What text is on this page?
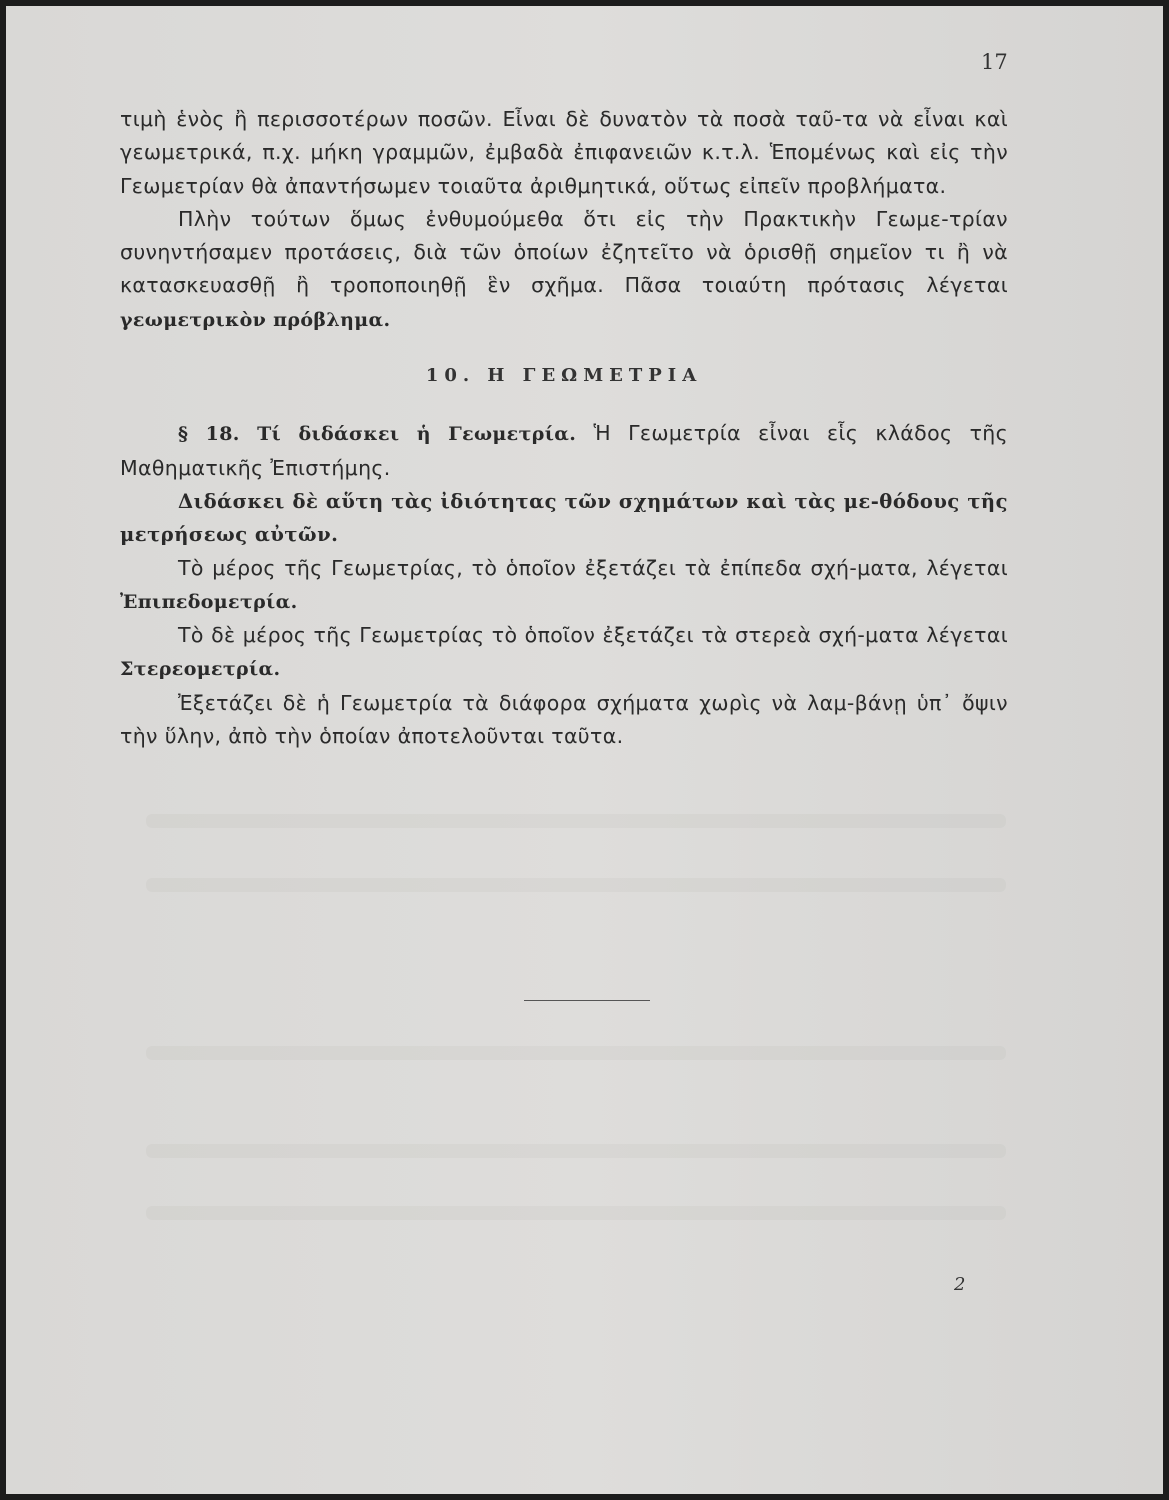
17

τιμὴ ἑνὸς ἢ περισσοτέρων ποσῶν. Εἶναι δὲ δυνατὸν τὰ ποσὰ ταῦ-τα νὰ εἶναι καὶ γεωμετρικά, π.χ. μήκη γραμμῶν, ἐμβαδὰ ἐπιφανειῶν κ.τ.λ. Ἑπομένως καὶ εἰς τὴν Γεωμετρίαν θὰ ἀπαντήσωμεν τοιαῦτα ἀριθμητικά, οὕτως εἰπεῖν προβλήματα.

Πλὴν τούτων ὅμως ἐνθυμούμεθα ὅτι εἰς τὴν Πρακτικὴν Γεωμε-τρίαν συνηντήσαμεν προτάσεις, διὰ τῶν ὁποίων ἐζητεῖτο νὰ ὁρισθῇ σημεῖον τι ἢ νὰ κατασκευασθῇ ἢ τροποποιηθῇ ἓν σχῆμα. Πᾶσα τοιαύτη πρότασις λέγεται γεωμετρικὸν πρόβλημα.

10. Η ΓΕΩΜΕΤΡΙΑ

§ 18. Τί διδάσκει ἡ Γεωμετρία. Ἡ Γεωμετρία εἶναι εἷς κλάδος τῆς Μαθηματικῆς Ἐπιστήμης.

Διδάσκει δὲ αὕτη τὰς ἰδιότητας τῶν σχημάτων καὶ τὰς με-θόδους τῆς μετρήσεως αὐτῶν.

Τὸ μέρος τῆς Γεωμετρίας, τὸ ὁποῖον ἐξετάζει τὰ ἐπίπεδα σχή-ματα, λέγεται Ἐπιπεδομετρία.

Τὸ δὲ μέρος τῆς Γεωμετρίας τὸ ὁποῖον ἐξετάζει τὰ στερεὰ σχή-ματα λέγεται Στερεομετρία.

Ἐξετάζει δὲ ἡ Γεωμετρία τὰ διάφορα σχήματα χωρὶς νὰ λαμ-βάνῃ ὑπ᾽ ὄψιν τὴν ὕλην, ἀπὸ τὴν ὁποίαν ἀποτελοῦνται ταῦτα.

2
